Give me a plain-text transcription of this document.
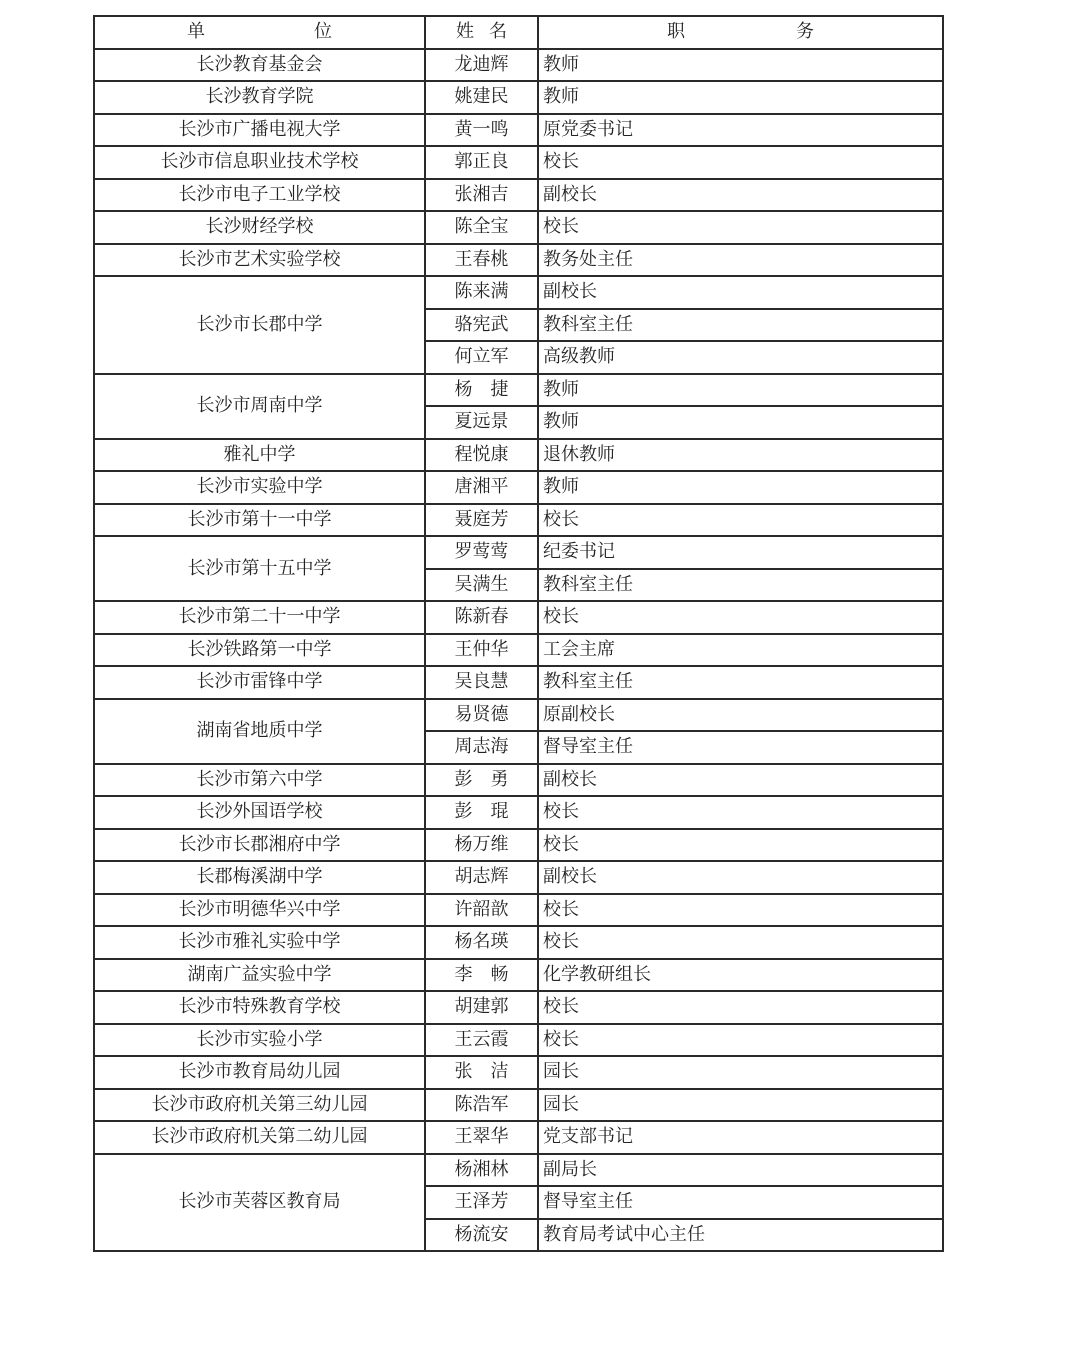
单 位	姓 名	职 务

长沙教育基金会	龙迪辉	教师
长沙教育学院	姚建民	教师
长沙市广播电视大学	黄一鸣	原党委书记
长沙市信息职业技术学校	郭正良	校长
长沙市电子工业学校	张湘吉	副校长
长沙财经学校	陈全宝	校长
长沙市艺术实验学校	王春桃	教务处主任
长沙市长郡中学	陈来满	副校长
	骆宪武	教科室主任
	何立军	高级教师
长沙市周南中学	杨　捷	教师
	夏远景	教师
雅礼中学	程悦康	退休教师
长沙市实验中学	唐湘平	教师
长沙市第十一中学	聂庭芳	校长
长沙市第十五中学	罗莺莺	纪委书记
	吴满生	教科室主任
长沙市第二十一中学	陈新春	校长
长沙铁路第一中学	王仲华	工会主席
长沙市雷锋中学	吴良慧	教科室主任
湖南省地质中学	易贤德	原副校长
	周志海	督导室主任
长沙市第六中学	彭　勇	副校长
长沙外国语学校	彭　琨	校长
长沙市长郡湘府中学	杨万维	校长
长郡梅溪湖中学	胡志辉	副校长
长沙市明德华兴中学	许韶歆	校长
长沙市雅礼实验中学	杨名瑛	校长
湖南广益实验中学	李　畅	化学教研组长
长沙市特殊教育学校	胡建郭	校长
长沙市实验小学	王云霞	校长
长沙市教育局幼儿园	张　洁	园长
长沙市政府机关第三幼儿园	陈浩军	园长
长沙市政府机关第二幼儿园	王翠华	党支部书记
长沙市芙蓉区教育局	杨湘林	副局长
	王泽芳	督导室主任
	杨流安	教育局考试中心主任
